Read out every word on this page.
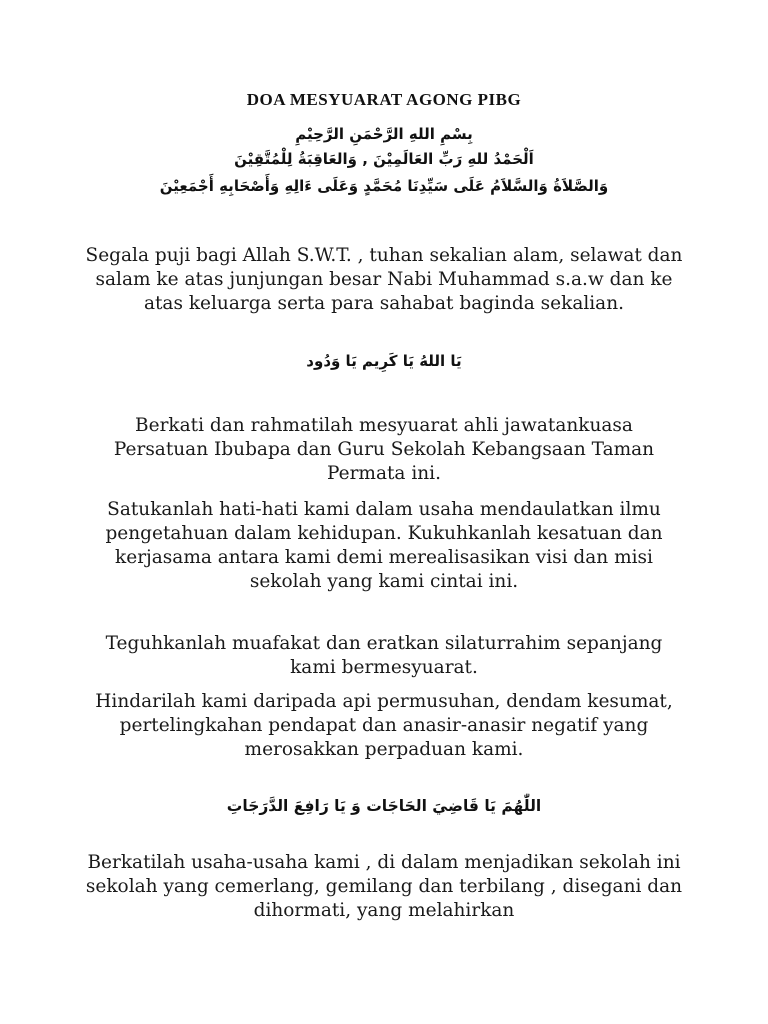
DOA MESYUARAT AGONG PIBG
بِسْمِ اللهِ الرَّحْمَنِ الرَّحِيْمِ
اَلْحَمْدُ للهِ رَبِّ العَالَمِيْنَ , وَالعَاقِبَةُ لِلْمُتَّقِيْنَ
وَالصَّلاَةُ وَالسَّلاَمُ عَلَى سَيِّدِنَا مُحَمَّدٍ وَعَلَى ءَالِهِ وَأَصْحَابِهِ أَجْمَعِيْنَ
Segala puji bagi Allah S.W.T. , tuhan sekalian alam, selawat dan salam ke atas junjungan besar Nabi Muhammad s.a.w dan ke atas keluarga serta para sahabat baginda sekalian.
يَا اللهُ يَا كَرِيم يَا وَدُود
Berkati dan rahmatilah mesyuarat ahli jawatankuasa Persatuan Ibubapa dan Guru Sekolah Kebangsaan Taman Permata ini.
Satukanlah hati-hati kami dalam usaha mendaulatkan ilmu pengetahuan dalam kehidupan. Kukuhkanlah kesatuan dan kerjasama antara kami demi merealisasikan visi dan misi sekolah yang kami cintai ini.
Teguhkanlah muafakat dan eratkan silaturrahim sepanjang kami bermesyuarat.
Hindarilah kami daripada api permusuhan, dendam kesumat, pertelingkahan pendapat dan anasir-anasir negatif yang merosakkan perpaduan kami.
اللّٰهُمَ يَا قَاضِيَ الحَاجَات وَ يَا رَافِعَ الدَّرَجَاتِ
Berkatilah usaha-usaha kami , di dalam menjadikan sekolah ini sekolah yang cemerlang, gemilang dan terbilang , disegani dan dihormati, yang melahirkan
